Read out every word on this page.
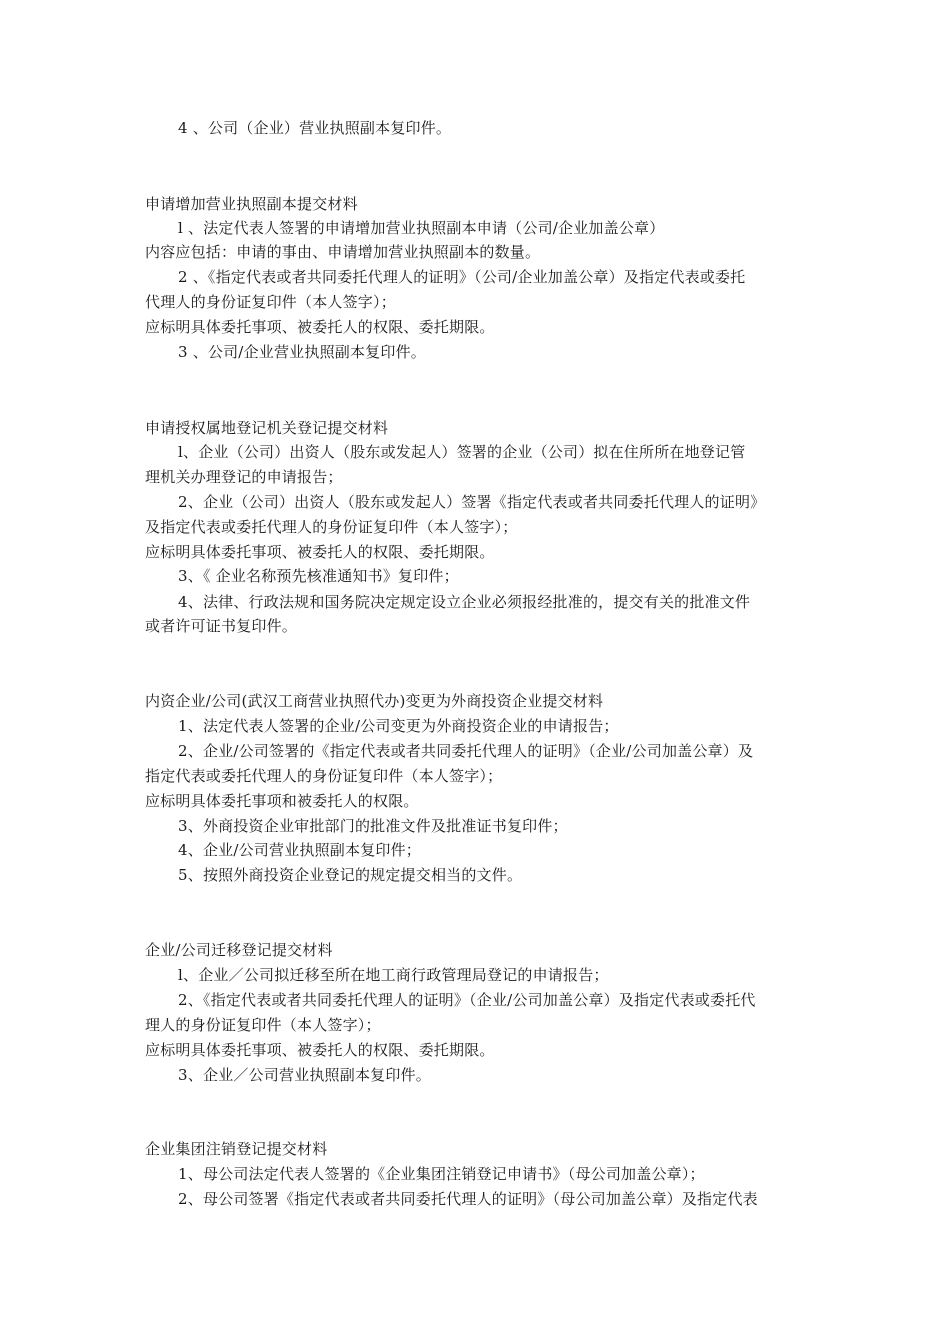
4 、公司（企业）营业执照副本复印件。
申请增加营业执照副本提交材料
l 、法定代表人签署的申请增加营业执照副本申请（公司/企业加盖公章）
内容应包括：申请的事由、申请增加营业执照副本的数量。
2 、《指定代表或者共同委托代理人的证明》（公司/企业加盖公章）及指定代表或委托
代理人的身份证复印件（本人签字）；
应标明具体委托事项、被委托人的权限、委托期限。
3 、公司/企业营业执照副本复印件。
申请授权属地登记机关登记提交材料
l、企业（公司）出资人（股东或发起人）签署的企业（公司）拟在住所所在地登记管
理机关办理登记的申请报告；
2、企业（公司）出资人（股东或发起人）签署《指定代表或者共同委托代理人的证明》
及指定代表或委托代理人的身份证复印件（本人签字）；
应标明具体委托事项、被委托人的权限、委托期限。
3、《 企业名称预先核准通知书》复印件；
4、法律、行政法规和国务院决定规定设立企业必须报经批准的，提交有关的批准文件
或者许可证书复印件。
内资企业/公司(武汉工商营业执照代办)变更为外商投资企业提交材料
1、法定代表人签署的企业/公司变更为外商投资企业的申请报告；
2、企业/公司签署的《指定代表或者共同委托代理人的证明》（企业/公司加盖公章）及
指定代表或委托代理人的身份证复印件（本人签字）；
应标明具体委托事项和被委托人的权限。
3、外商投资企业审批部门的批准文件及批准证书复印件；
4、企业/公司营业执照副本复印件；
5、按照外商投资企业登记的规定提交相当的文件。
企业/公司迁移登记提交材料
l、企业／公司拟迁移至所在地工商行政管理局登记的申请报告；
2、《指定代表或者共同委托代理人的证明》（企业/公司加盖公章）及指定代表或委托代
理人的身份证复印件（本人签字）；
应标明具体委托事项、被委托人的权限、委托期限。
3、企业／公司营业执照副本复印件。
企业集团注销登记提交材料
1、母公司法定代表人签署的《企业集团注销登记申请书》（母公司加盖公章）；
2、母公司签署《指定代表或者共同委托代理人的证明》（母公司加盖公章）及指定代表
